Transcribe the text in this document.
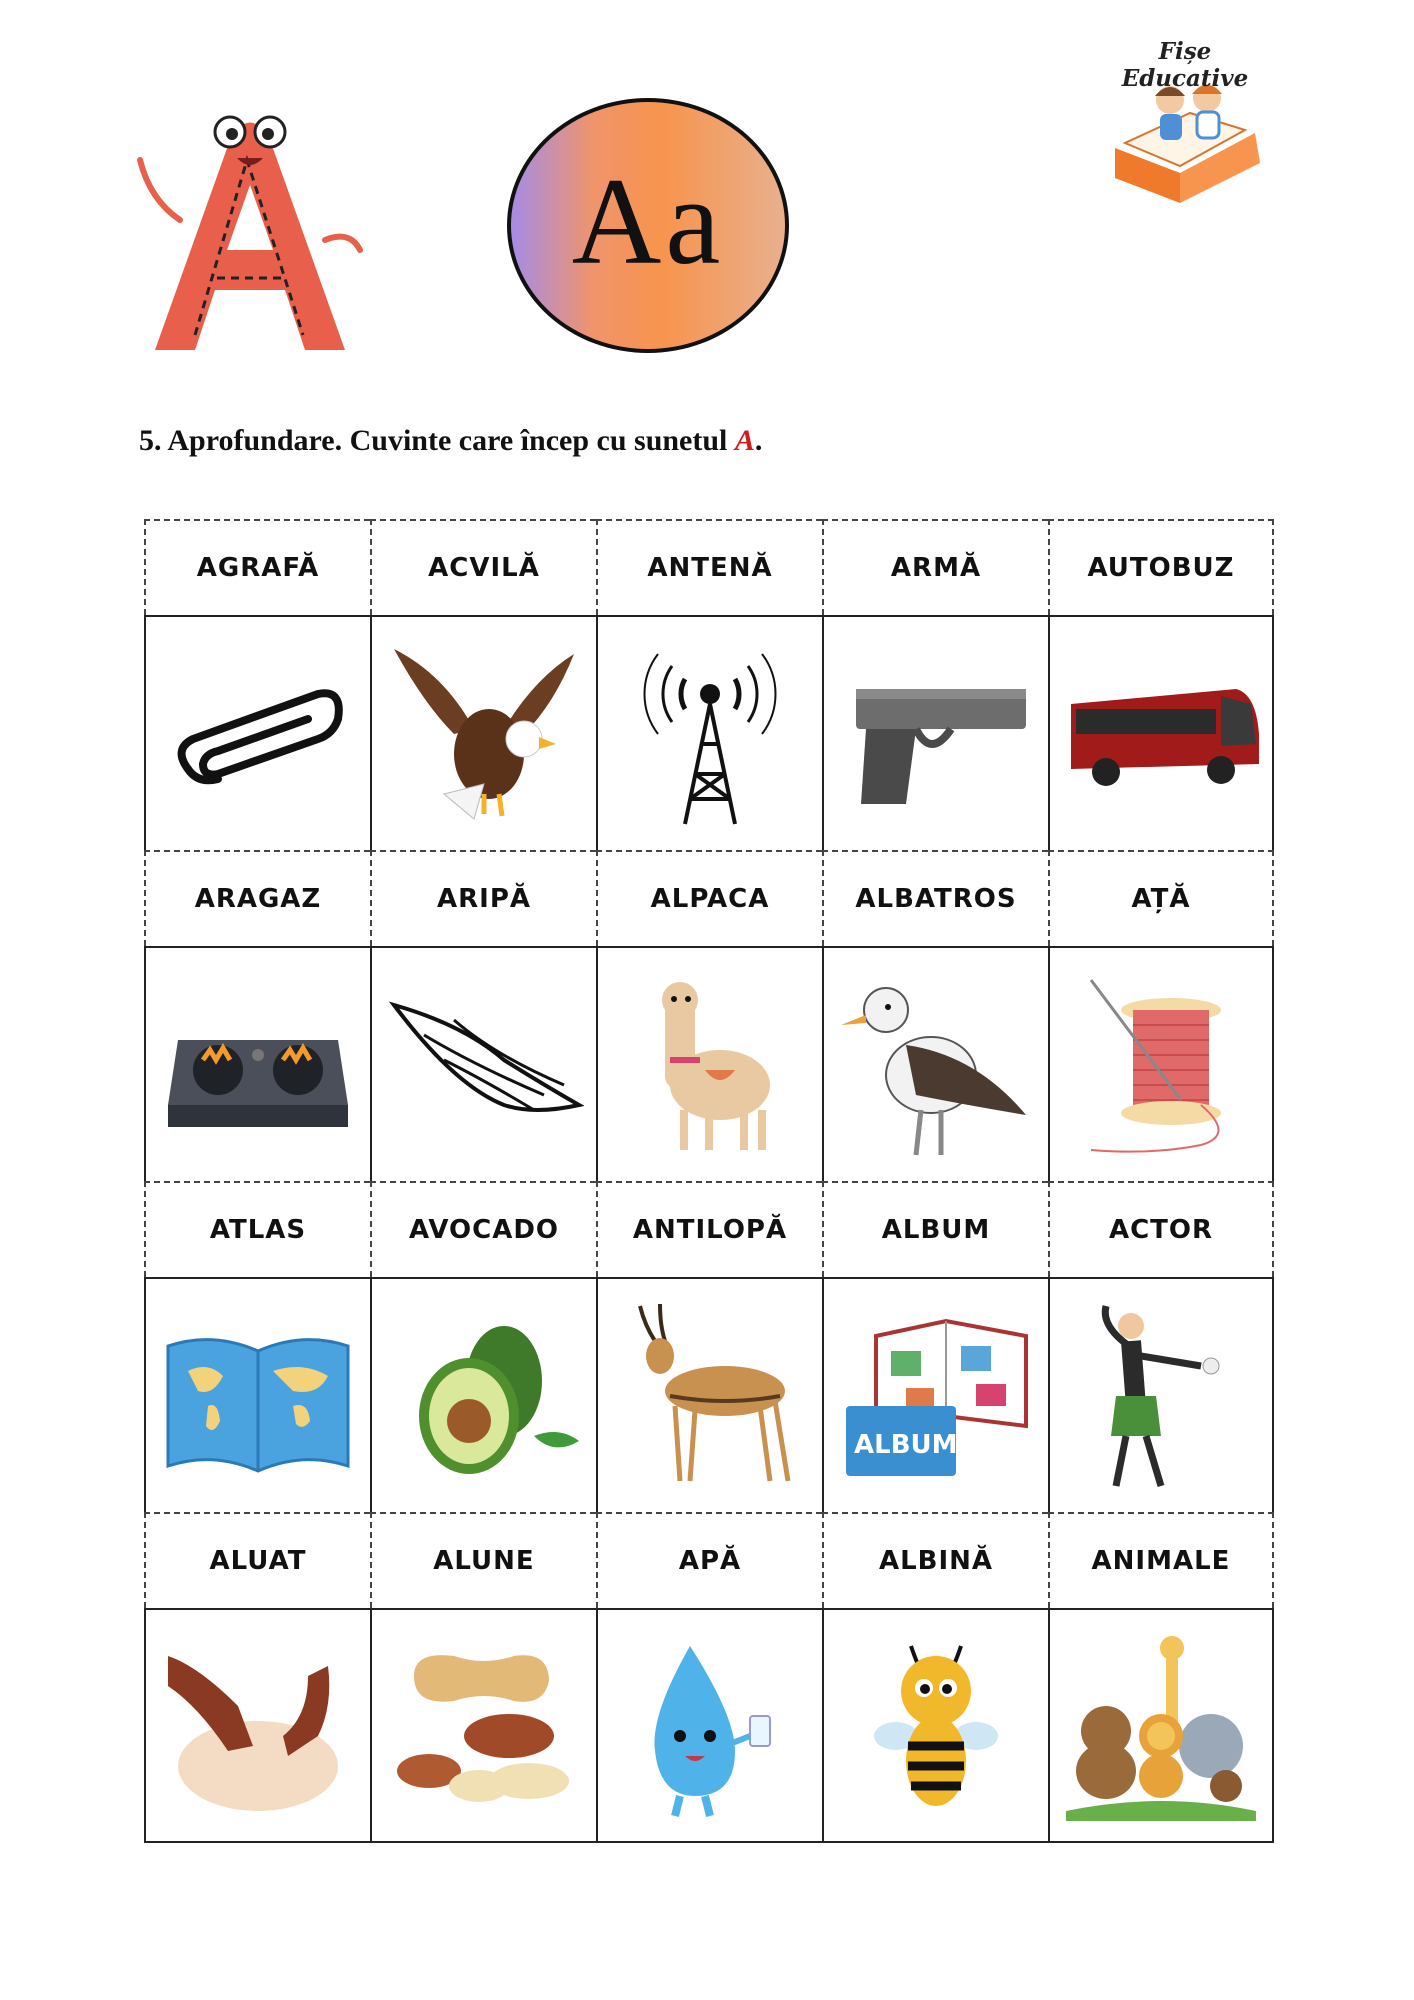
Aa
Fișe Educative
5. Aprofundare. Cuvinte care încep cu sunetul A.
AGRAFĂ	ACVILĂ	ANTENĂ	ARMĂ	AUTOBUZ
ARAGAZ	ARIPĂ	ALPACA	ALBATROS	AȚĂ
ATLAS	AVOCADO	ANTILOPĂ	ALBUM	ACTOR
ALBUM
ALUAT	ALUNE	APĂ	ALBINĂ	ANIMALE
